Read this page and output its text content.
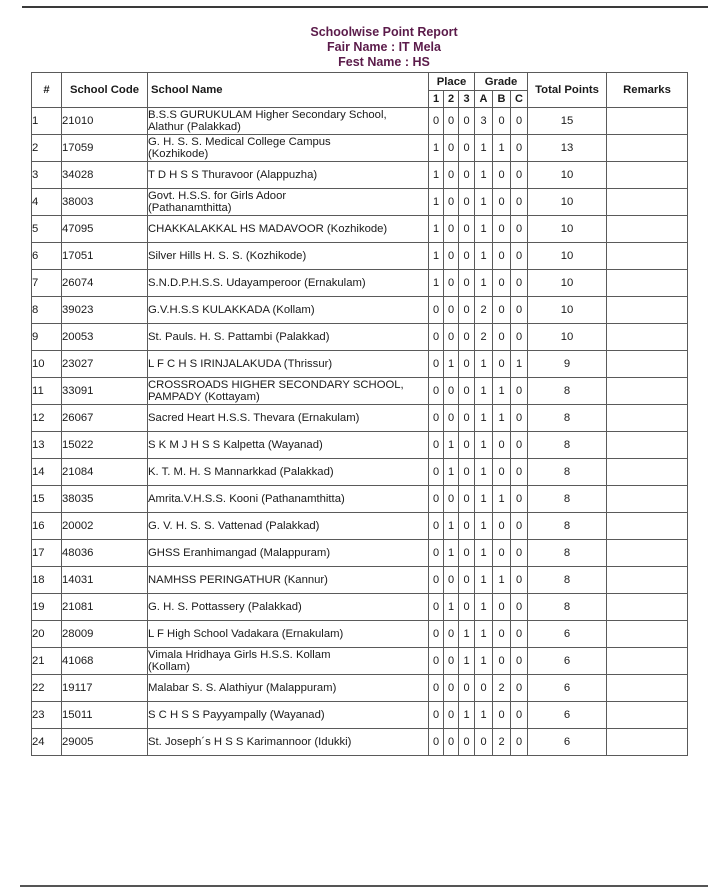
Schoolwise Point Report
Fair Name : IT Mela
Fest Name : HS
#	School Code	School Name	Place			Grade			Total Points	Remarks
			1	2	3	A	B	C		
1	21010	B.S.S GURUKULAM Higher Secondary School,
Alathur (Palakkad)	0	0	0	3	0	0	15	
2	17059	G. H. S. S. Medical College Campus
(Kozhikode)	1	0	0	1	1	0	13	
3	34028	T D H S S Thuravoor (Alappuzha)	1	0	0	1	0	0	10	
4	38003	Govt. H.S.S. for Girls Adoor
(Pathanamthitta)	1	0	0	1	0	0	10	
5	47095	CHAKKALAKKAL HS MADAVOOR (Kozhikode)	1	0	0	1	0	0	10	
6	17051	Silver Hills H. S. S. (Kozhikode)	1	0	0	1	0	0	10	
7	26074	S.N.D.P.H.S.S. Udayamperoor (Ernakulam)	1	0	0	1	0	0	10	
8	39023	G.V.H.S.S KULAKKADA (Kollam)	0	0	0	2	0	0	10	
9	20053	St. Pauls. H. S. Pattambi (Palakkad)	0	0	0	2	0	0	10	
10	23027	L F C H S IRINJALAKUDA (Thrissur)	0	1	0	1	0	1	9	
11	33091	CROSSROADS HIGHER SECONDARY SCHOOL,
PAMPADY (Kottayam)	0	0	0	1	1	0	8	
12	26067	Sacred Heart H.S.S. Thevara (Ernakulam)	0	0	0	1	1	0	8	
13	15022	S K M J H S S Kalpetta (Wayanad)	0	1	0	1	0	0	8	
14	21084	K. T. M. H. S Mannarkkad (Palakkad)	0	1	0	1	0	0	8	
15	38035	Amrita.V.H.S.S. Kooni (Pathanamthitta)	0	0	0	1	1	0	8	
16	20002	G. V. H. S. S. Vattenad (Palakkad)	0	1	0	1	0	0	8	
17	48036	GHSS Eranhimangad (Malappuram)	0	1	0	1	0	0	8	
18	14031	NAMHSS PERINGATHUR (Kannur)	0	0	0	1	1	0	8	
19	21081	G. H. S. Pottassery (Palakkad)	0	1	0	1	0	0	8	
20	28009	L F High School Vadakara (Ernakulam)	0	0	1	1	0	0	6	
21	41068	Vimala Hridhaya Girls H.S.S. Kollam
(Kollam)	0	0	1	1	0	0	6	
22	19117	Malabar S. S. Alathiyur (Malappuram)	0	0	0	0	2	0	6	
23	15011	S C H S S Payyampally (Wayanad)	0	0	1	1	0	0	6	
24	29005	St. Joseph´s H S S Karimannoor (Idukki)	0	0	0	0	2	0	6	
